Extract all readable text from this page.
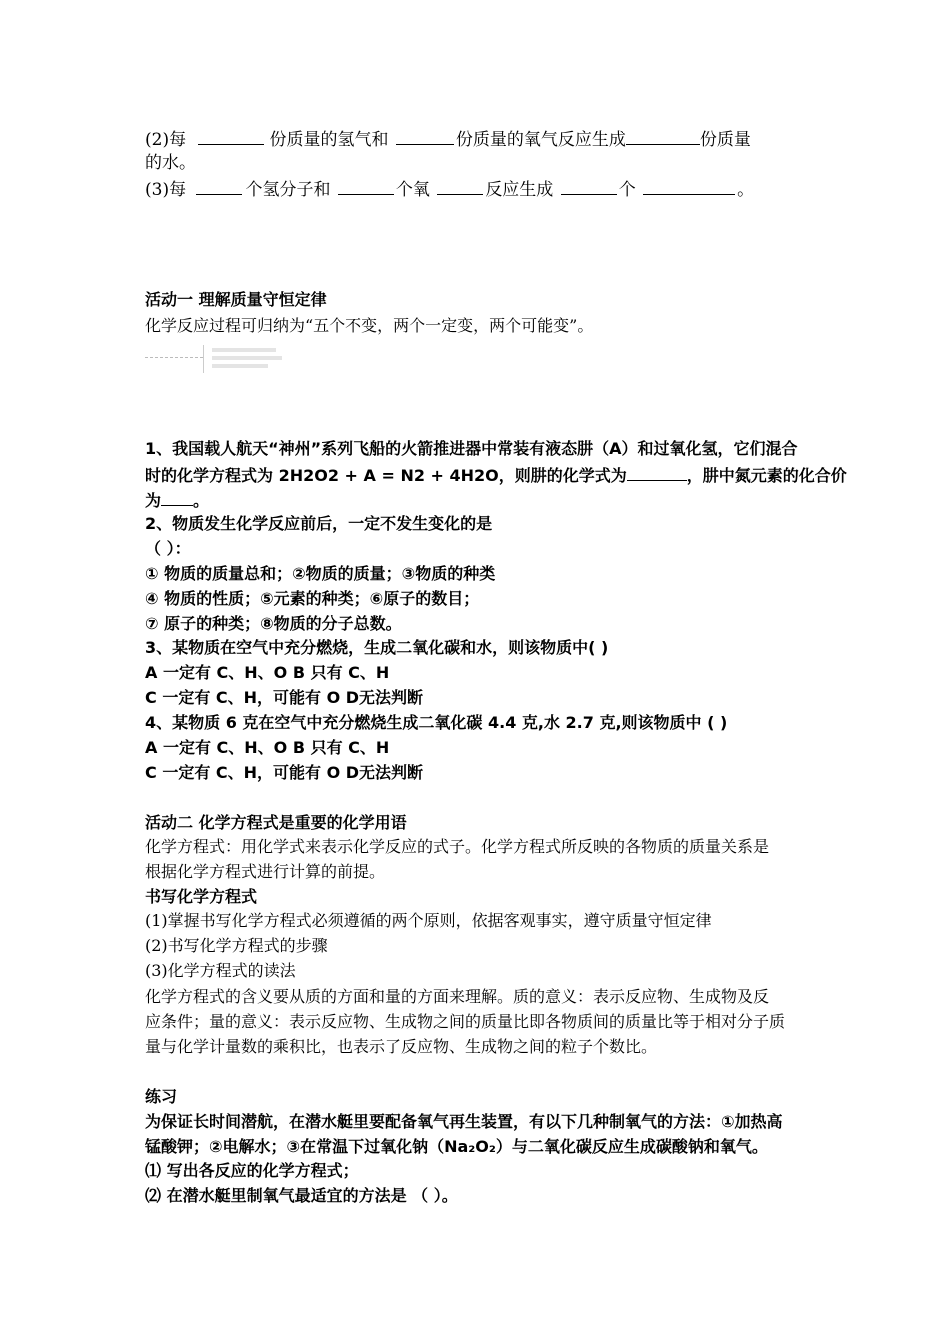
(2)每	份质量的氢气和	份质量的氧气反应生成	份质量
的水。
(3)每	个氢分子和	个氧	反应生成	个	。
活动一 理解质量守恒定律
化学反应过程可归纳为“五个不变，两个一定变，两个可能变”。
1、我国载人航天“神州”系列飞船的火箭推进器中常装有液态肼（A）和过氧化氢，它们混合
时的化学方程式为 2H2O2 + A = N2 + 4H2O，则肼的化学式为	，肼中氮元素的化合价
为 。
2、物质发生化学反应前后，一定不发生变化的是
（ ）：
① 物质的质量总和；②物质的质量；③物质的种类
④ 物质的性质；⑤元素的种类；⑥原子的数目；
⑦ 原子的种类；⑧物质的分子总数。
3、某物质在空气中充分燃烧，生成二氧化碳和水，则该物质中( )
A 一定有 C、H、O B 只有 C、H
C 一定有 C、H，可能有 O D无法判断
4、某物质 6 克在空气中充分燃烧生成二氧化碳 4.4 克,水 2.7 克,则该物质中 ( )
A 一定有 C、H、O B 只有 C、H
C 一定有 C、H，可能有 O D无法判断
活动二 化学方程式是重要的化学用语
化学方程式：用化学式来表示化学反应的式子。化学方程式所反映的各物质的质量关系是
根据化学方程式进行计算的前提。
书写化学方程式
(1)掌握书写化学方程式必须遵循的两个原则，依据客观事实，遵守质量守恒定律
(2)书写化学方程式的步骤
(3)化学方程式的读法
化学方程式的含义要从质的方面和量的方面来理解。质的意义：表示反应物、生成物及反
应条件；量的意义：表示反应物、生成物之间的质量比即各物质间的质量比等于相对分子质
量与化学计量数的乘积比，也表示了反应物、生成物之间的粒子个数比。
练习
为保证长时间潜航，在潜水艇里要配备氧气再生装置，有以下几种制氧气的方法：①加热高
锰酸钾；②电解水；③在常温下过氧化钠（Na₂O₂）与二氧化碳反应生成碳酸钠和氧气。
⑴ 写出各反应的化学方程式；
⑵ 在潜水艇里制氧气最适宜的方法是 （ ）。
